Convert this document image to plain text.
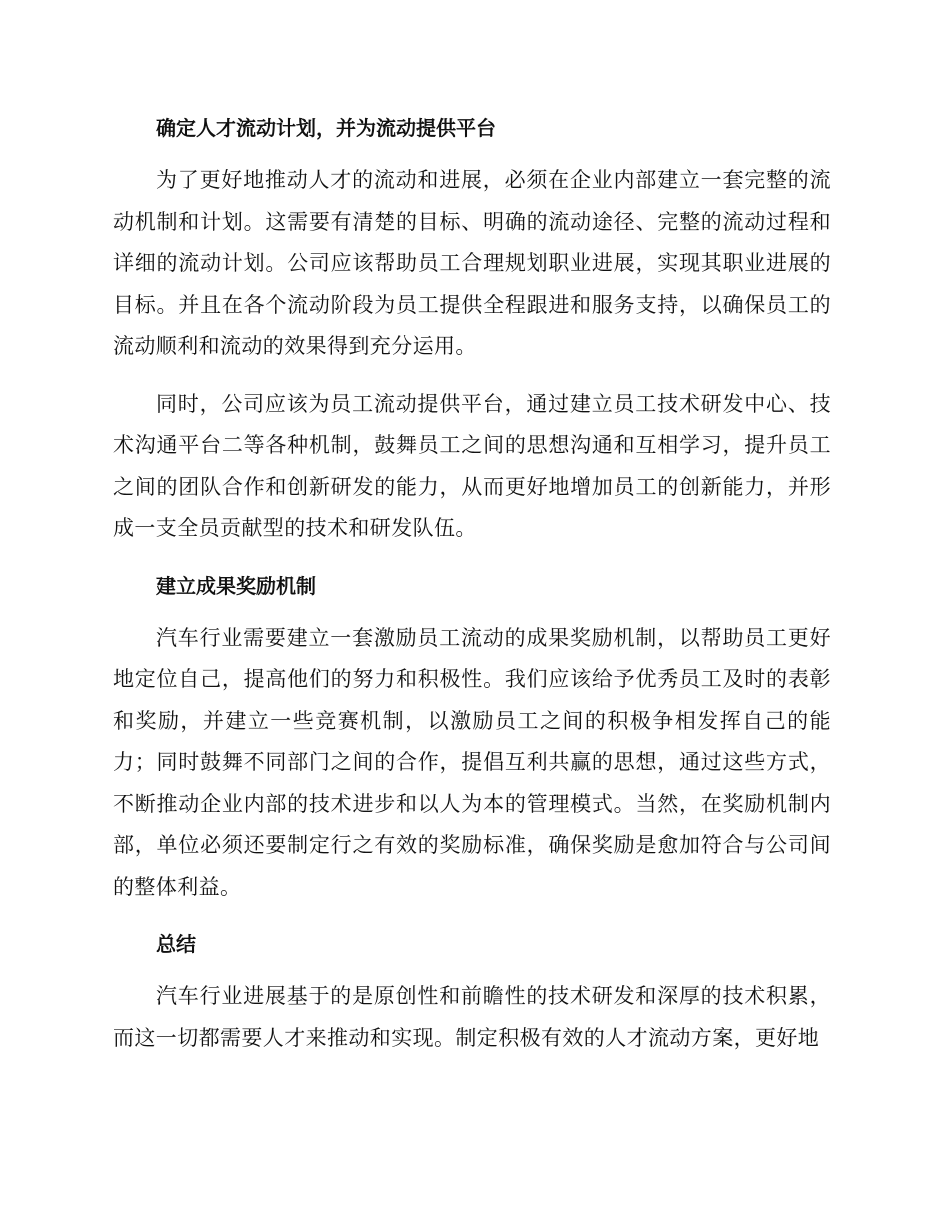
确定人才流动计划，并为流动提供平台

为了更好地推动人才的流动和进展，必须在企业内部建立一套完整的流动机制和计划。这需要有清楚的目标、明确的流动途径、完整的流动过程和详细的流动计划。公司应该帮助员工合理规划职业进展，实现其职业进展的目标。并且在各个流动阶段为员工提供全程跟进和服务支持，以确保员工的流动顺利和流动的效果得到充分运用。

同时，公司应该为员工流动提供平台，通过建立员工技术研发中心、技术沟通平台二等各种机制，鼓舞员工之间的思想沟通和互相学习，提升员工之间的团队合作和创新研发的能力，从而更好地增加员工的创新能力，并形成一支全员贡献型的技术和研发队伍。

建立成果奖励机制

汽车行业需要建立一套激励员工流动的成果奖励机制，以帮助员工更好地定位自己，提高他们的努力和积极性。我们应该给予优秀员工及时的表彰和奖励，并建立一些竞赛机制，以激励员工之间的积极争相发挥自己的能力；同时鼓舞不同部门之间的合作，提倡互利共赢的思想，通过这些方式，不断推动企业内部的技术进步和以人为本的管理模式。当然，在奖励机制内部，单位必须还要制定行之有效的奖励标准，确保奖励是愈加符合与公司间的整体利益。

总结

汽车行业进展基于的是原创性和前瞻性的技术研发和深厚的技术积累，而这一切都需要人才来推动和实现。制定积极有效的人才流动方案，更好地
